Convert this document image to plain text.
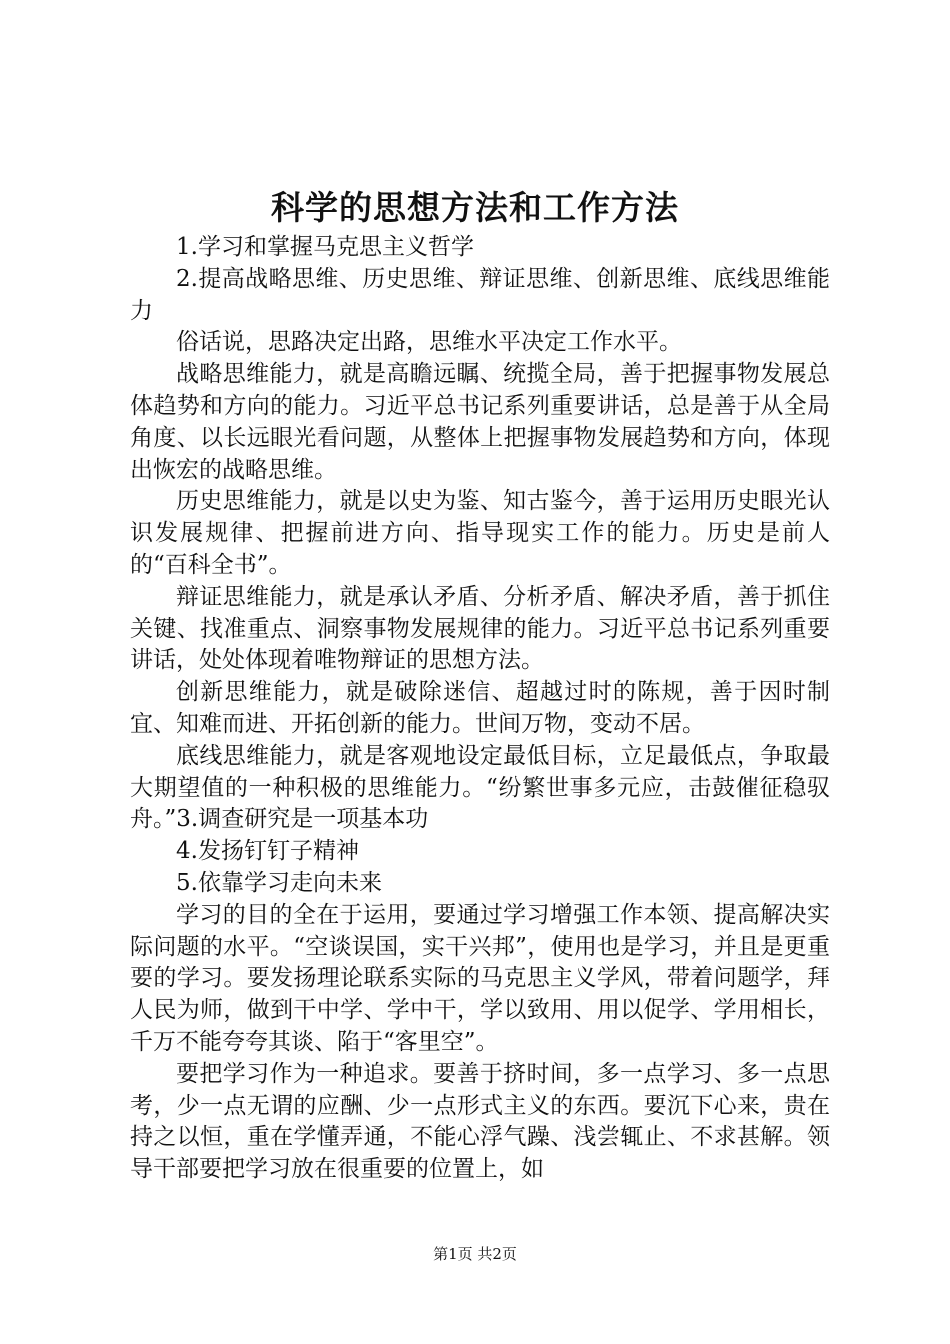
科学的思想方法和工作方法

1.学习和掌握马克思主义哲学

2.提高战略思维、历史思维、辩证思维、创新思维、底线思维能力

俗话说，思路决定出路，思维水平决定工作水平。

战略思维能力，就是高瞻远瞩、统揽全局，善于把握事物发展总体趋势和方向的能力。习近平总书记系列重要讲话，总是善于从全局角度、以长远眼光看问题，从整体上把握事物发展趋势和方向，体现出恢宏的战略思维。

历史思维能力，就是以史为鉴、知古鉴今，善于运用历史眼光认识发展规律、把握前进方向、指导现实工作的能力。历史是前人的“百科全书”。

辩证思维能力，就是承认矛盾、分析矛盾、解决矛盾，善于抓住关键、找准重点、洞察事物发展规律的能力。习近平总书记系列重要讲话，处处体现着唯物辩证的思想方法。

创新思维能力，就是破除迷信、超越过时的陈规，善于因时制宜、知难而进、开拓创新的能力。世间万物，变动不居。

底线思维能力，就是客观地设定最低目标，立足最低点，争取最大期望值的一种积极的思维能力。“纷繁世事多元应，击鼓催征稳驭舟。”3.调查研究是一项基本功

4.发扬钉钉子精神

5.依靠学习走向未来

学习的目的全在于运用，要通过学习增强工作本领、提高解决实际问题的水平。“空谈误国，实干兴邦”，使用也是学习，并且是更重要的学习。要发扬理论联系实际的马克思主义学风，带着问题学，拜人民为师，做到干中学、学中干，学以致用、用以促学、学用相长，千万不能夸夸其谈、陷于“客里空”。

要把学习作为一种追求。要善于挤时间，多一点学习、多一点思考，少一点无谓的应酬、少一点形式主义的东西。要沉下心来，贵在持之以恒，重在学懂弄通，不能心浮气躁、浅尝辄止、不求甚解。领导干部要把学习放在很重要的位置上，如

第1页 共2页
